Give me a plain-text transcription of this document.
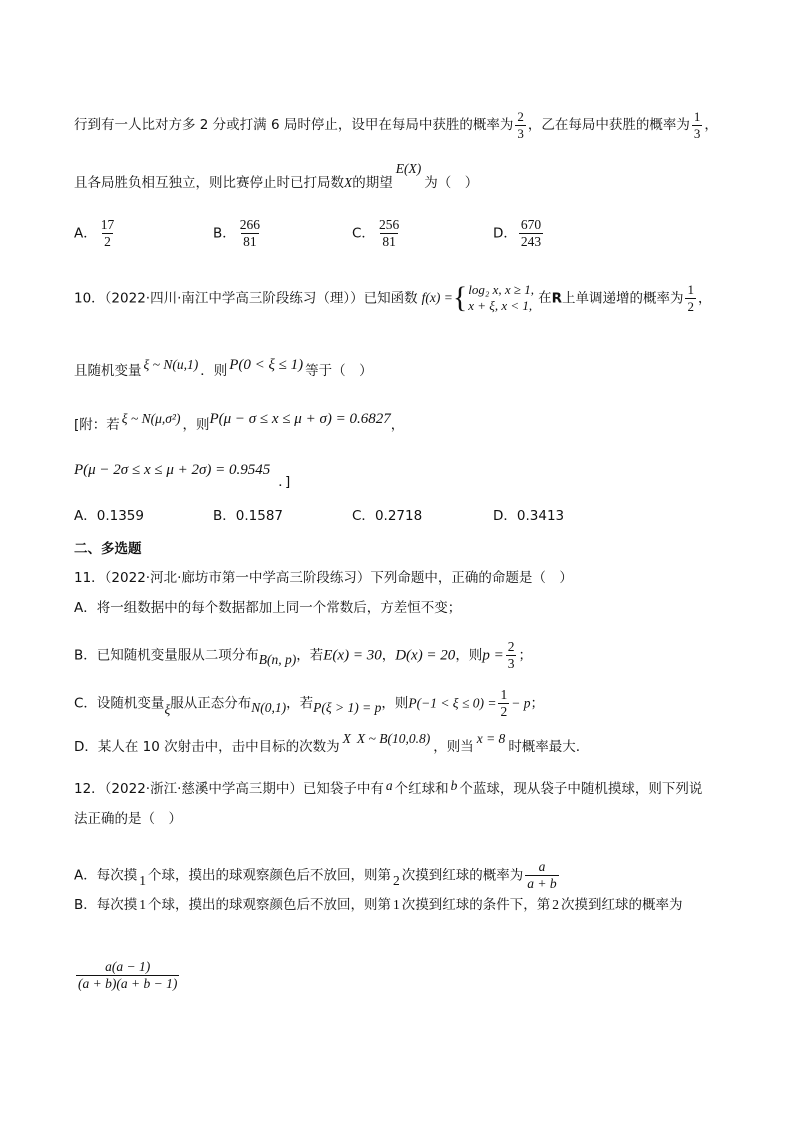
行到有一人比对方多 2 分或打满 6 局时停止，设甲在每局中获胜的概率为 $\frac{2}{3}$ ，乙在每局中获胜的概率为 $\frac{1}{3}$ ，
且各局胜负相互独立，则比赛停止时已打局数X的期望E(X)为（　）
A． $\frac{17}{2}$	B． $\frac{266}{81}$	C． $\frac{256}{81}$	D． $\frac{670}{243}$
10．（2022·四川·南江中学高三阶段练习（理））已知函数 f(x) ={ log₂ x, x ≥ 1,
x + ξ, x < 1, 在R上单调递增的概率为 $\frac{1}{2}$ ，
且随机变量 ξ ~ N(u,1) ．则 P(0 < ξ ≤ 1) 等于（　）
[附：若 ξ ~ N(μ,σ²) ，则P(μ − σ ≤ x ≤ μ + σ) = 0.6827，
P(μ − 2σ ≤ x ≤ μ + 2σ) = 0.9545．]
A．0.1359	B．0.1587	C．0.2718	D．0.3413
二、多选题
11．（2022·河北·廊坊市第一中学高三阶段练习）下列命题中，正确的命题是（　）
A．将一组数据中的每个数据都加上同一个常数后，方差恒不变；
B．已知随机变量服从二项分布B(n, p)，若E(x) = 30，D(x) = 20，则$p = \frac{2}{3}$ ；
C．设随机变量ξ服从正态分布N(0,1)，若P(ξ > 1) = p，则$P(-1 < \xi \le 0) = \frac{1}{2} - p$；
D．某人在 10 次射击中，击中目标的次数为X X ~ B(10,0.8)，则当x = 8时概率最大.
12．（2022·浙江·慈溪中学高三期中）已知袋子中有 a 个红球和 b 个蓝球，现从袋子中随机摸球，则下列说
法正确的是（　）
A．每次摸 1 个球，摸出的球观察颜色后不放回，则第 2 次摸到红球的概率为 $\frac{a}{a + b}$
B．每次摸 1 个球，摸出的球观察颜色后不放回，则第 1 次摸到红球的条件下，第 2 次摸到红球的概率为
$\frac{a(a - 1)}{(a + b)(a + b - 1)}$
